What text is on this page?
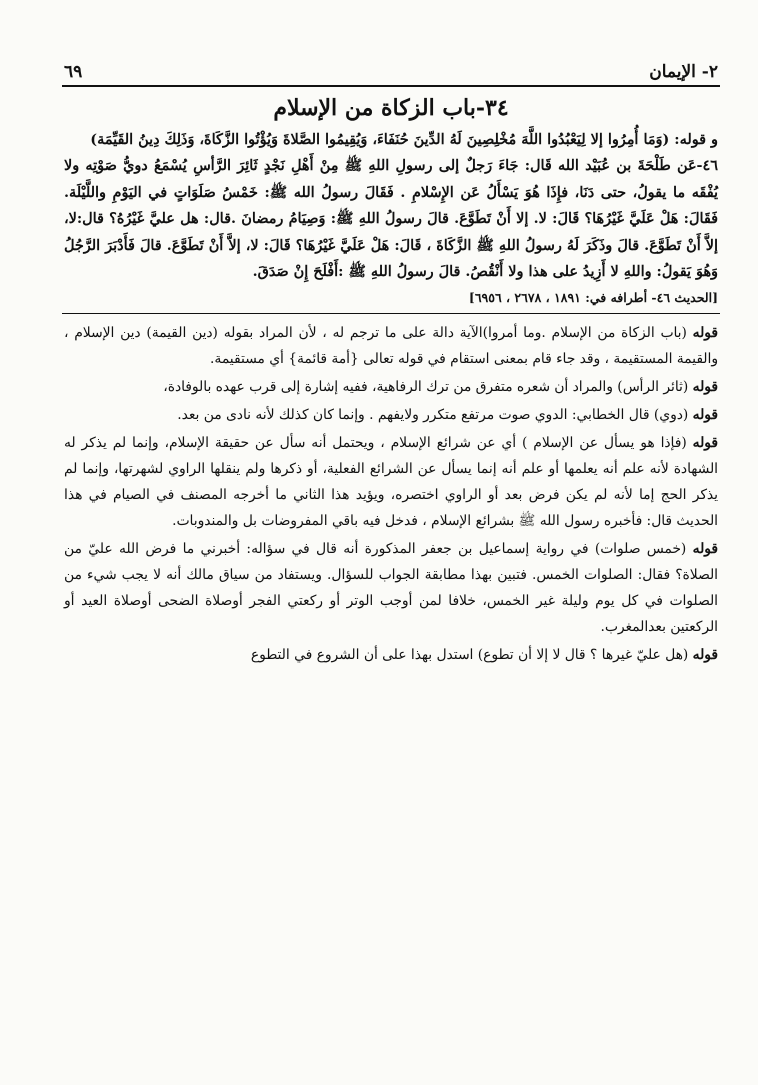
٢- الإيمان
٦٩
٣٤-باب الزكاة من الإسلام

و قوله: (وَمَا أُمِرُوا إلا لِيَعْبُدُوا اللَّهَ مُخْلِصِينَ لَهُ الدِّينَ حُنَفَاءَ، وَيُقِيمُوا الصَّلاةَ وَيُؤْتُوا الزَّكَاةَ، وَذَلِكَ دِينُ القَيِّمَة)

٤٦-عَن طَلْحَةَ بن عُبَيْد الله قَال: جَاءَ رَجلٌ إلى رسولِ اللهِ ﷺ مِنْ أَهْلِ نَجْدٍ ثَائِرَ الرَّأسِ يُسْمَعُ دويُّ صَوْتِه ولا يُفْقَه ما يقولُ، حتى دَنَا، فإِذَا هُوَ يَسْأَلُ عَن الإِسْلامِ . فَقَالَ رسولُ الله ﷺ: خَمْسُ صَلَوَاتٍ في اليَوْمِ واللَّيْلَة. فَقَالَ: هَلْ عَلَيَّ غَيْرُهَا؟ قَالَ: لا. إلا أَنْ تَطَوَّعَ. قالَ رسولُ اللهِ ﷺ: وَصِيَامُ رمضانَ .قال: هل عليَّ غَيْرُهُ؟ قال:لا، إلاَّ أَنْ تَطَوَّعَ. قالَ وذَكَرَ لَهُ رسولُ اللهِ ﷺ الزَّكَاةَ ، قَالَ: هَلْ عَلَيَّ غَيْرُهَا؟ قَالَ: لا، إلاَّ أَنْ تَطَوَّعَ. قالَ فَأَدْبَرَ الرَّجُلُ وَهُوَ يَقولُ: واللهِ لا أَزِيدُ على هذا ولا أَنْقُصُ. قالَ رسولُ اللهِ ﷺ :أَفْلَحَ إِنْ صَدَقَ.

[الحديث ٤٦- أطرافه في: ١٨٩١ ، ٢٦٧٨ ، ٦٩٥٦]

قوله (باب الزكاة من الإسلام .وما أمروا)الآية دالة على ما ترجم له ، لأن المراد بقوله (دين القيمة) دين الإسلام ، والقيمة المستقيمة ، وقد جاء قام بمعنى استقام في قوله تعالى {أمة قائمة} أي مستقيمة.

قوله (ثائر الرأس) والمراد أن شعره متفرق من ترك الرفاهية، ففيه إشارة إلى قرب عهده بالوفادة،

قوله (دوي) قال الخطابي: الدوي صوت مرتفع متكرر ولايفهم . وإنما كان كذلك لأنه نادى من بعد.

قوله (فإذا هو يسأل عن الإسلام ) أي عن شرائع الإسلام ، ويحتمل أنه سأل عن حقيقة الإسلام، وإنما لم يذكر له الشهادة لأنه علم أنه يعلمها أو علم أنه إنما يسأل عن الشرائع الفعلية، أو ذكرها ولم ينقلها الراوي لشهرتها، وإنما لم يذكر الحج إما لأنه لم يكن فرض بعد أو الراوي اختصره، ويؤيد هذا الثاني ما أخرجه المصنف في الصيام في هذا الحديث قال: فأخبره رسول الله ﷺ بشرائع الإسلام ، فدخل فيه باقي المفروضات بل والمندوبات.

قوله (خمس صلوات) في رواية إسماعيل بن جعفر المذكورة أنه قال في سؤاله: أخبرني ما فرض الله عليّ من الصلاة؟ فقال: الصلوات الخمس. فتبين بهذا مطابقة الجواب للسؤال. ويستفاد من سياق مالك أنه لا يجب شيء من الصلوات في كل يوم وليلة غير الخمس، خلافا لمن أوجب الوتر أو ركعتي الفجر أوصلاة الضحى أوصلاة العيد أو الركعتين بعدالمغرب.

قوله (هل عليّ غيرها ؟ قال لا إلا أن تطوع) استدل بهذا على أن الشروع في التطوع
